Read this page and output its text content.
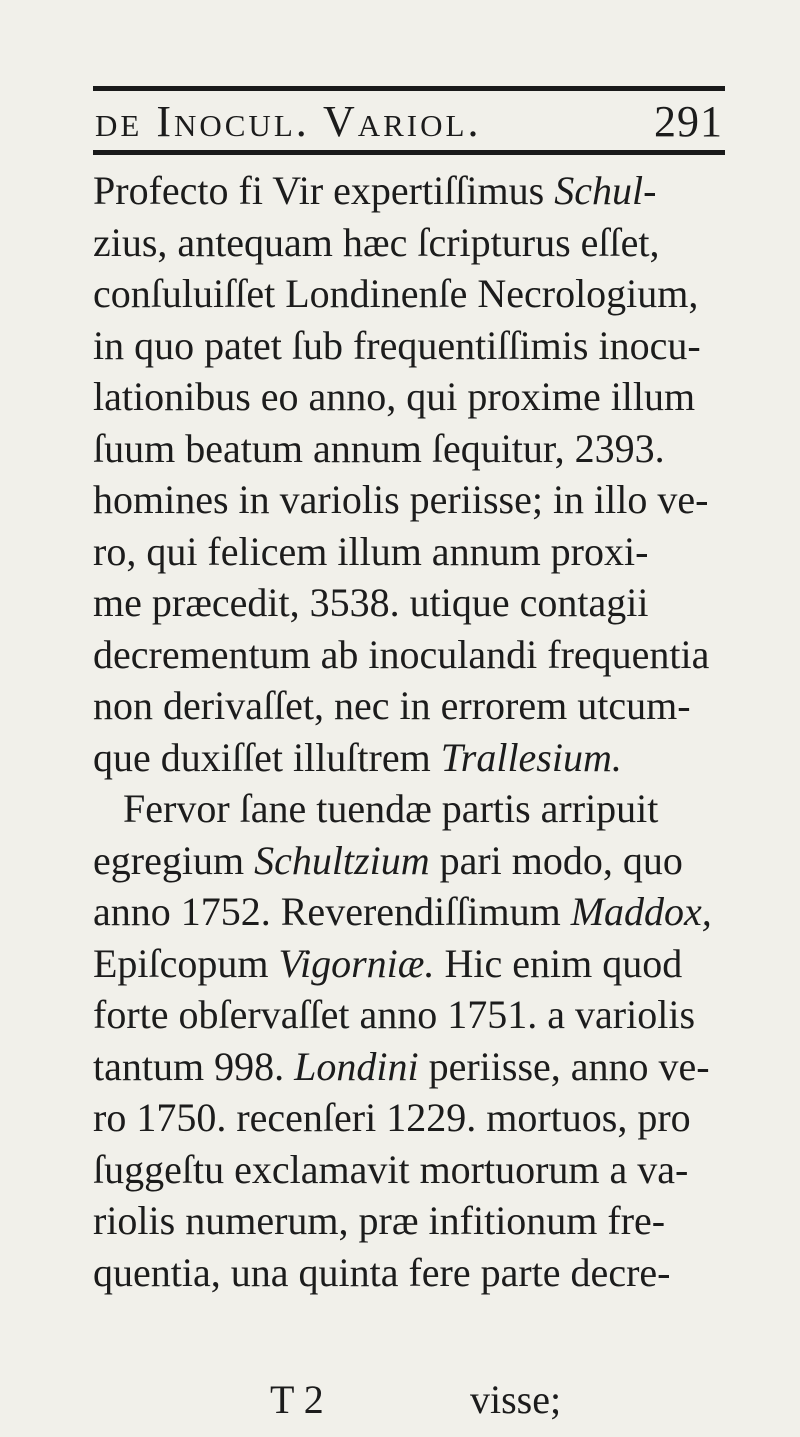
de Inocul. Variol.	291
Profecto fi Vir expertiſſimus Schul-
zius, antequam hæc ſcripturus eſſet,
conſuluiſſet Londinenſe Necrologium,
in quo patet ſub frequentiſſimis inocu-
lationibus eo anno, qui proxime illum
ſuum beatum annum ſequitur, 2393.
homines in variolis periisse; in illo ve-
ro, qui felicem illum annum proxi-
me præcedit, 3538. utique contagii
decrementum ab inoculandi frequentia
non derivaſſet, nec in errorem utcum-
que duxiſſet illuſtrem Trallesium.
Fervor ſane tuendæ partis arripuit
egregium Schultzium pari modo, quo
anno 1752. Reverendiſſimum Maddox,
Epiſcopum Vigorniæ. Hic enim quod
forte obſervaſſet anno 1751. a variolis
tantum 998. Londini periisse, anno ve-
ro 1750. recenſeri 1229. mortuos, pro
ſuggeſtu exclamavit mortuorum a va-
riolis numerum, præ infitionum fre-
quentia, una quinta fere parte decre-
T 2	visse;
